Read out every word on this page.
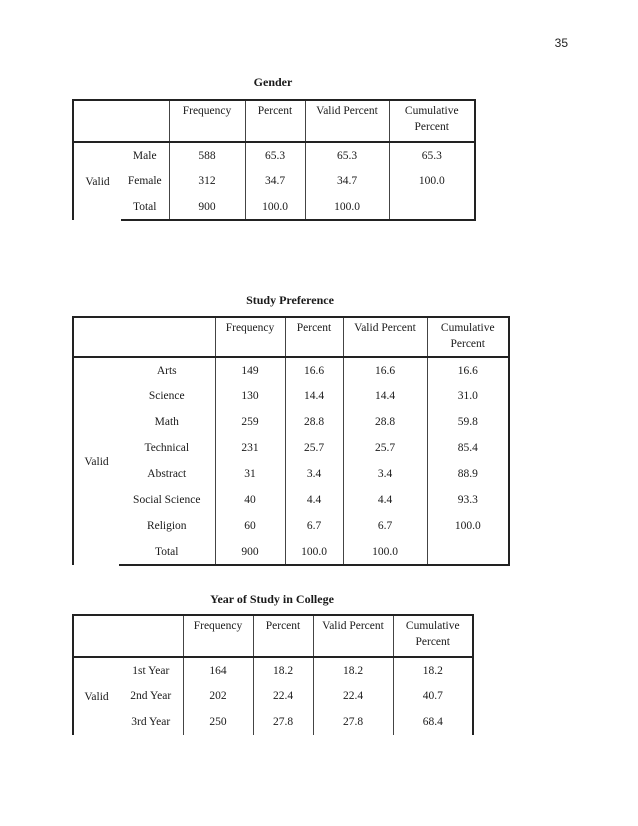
35
Gender
		Frequency	Percent	Valid Percent	Cumulative
Percent
Valid	Male	588	65.3	65.3	65.3
	Female	312	34.7	34.7	100.0
	Total	900	100.0	100.0	
Study Preference
		Frequency	Percent	Valid Percent	Cumulative
Percent
Valid	Arts	149	16.6	16.6	16.6
	Science	130	14.4	14.4	31.0
	Math	259	28.8	28.8	59.8
	Technical	231	25.7	25.7	85.4
	Abstract	31	3.4	3.4	88.9
	Social Science	40	4.4	4.4	93.3
	Religion	60	6.7	6.7	100.0
	Total	900	100.0	100.0	
Year of Study in College
		Frequency	Percent	Valid Percent	Cumulative
Percent
Valid	1st Year	164	18.2	18.2	18.2
	2nd Year	202	22.4	22.4	40.7
	3rd Year	250	27.8	27.8	68.4
